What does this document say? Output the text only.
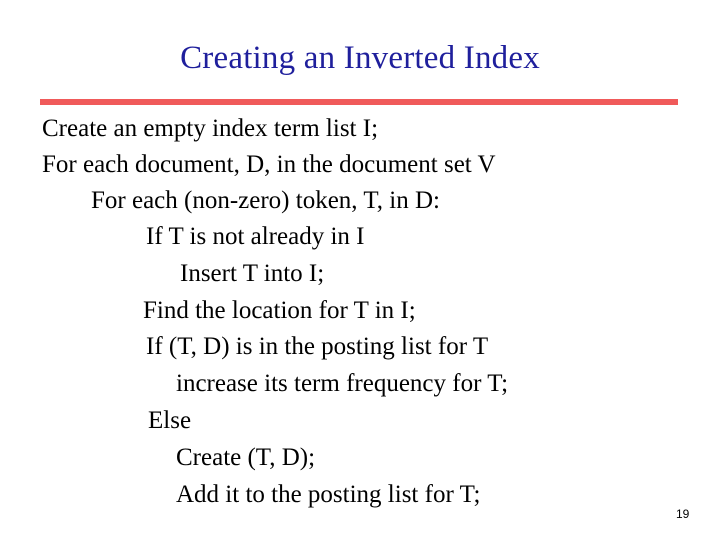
Creating an Inverted Index
Create an empty index term list I;
For each document, D, in the document set V
For each (non-zero) token, T, in D:
If T is not already in I
Insert T into I;
Find the location for T in I;
If (T, D) is in the posting list for T
increase its term frequency for T;
Else
Create (T, D);
Add it to the posting list for T;
19
